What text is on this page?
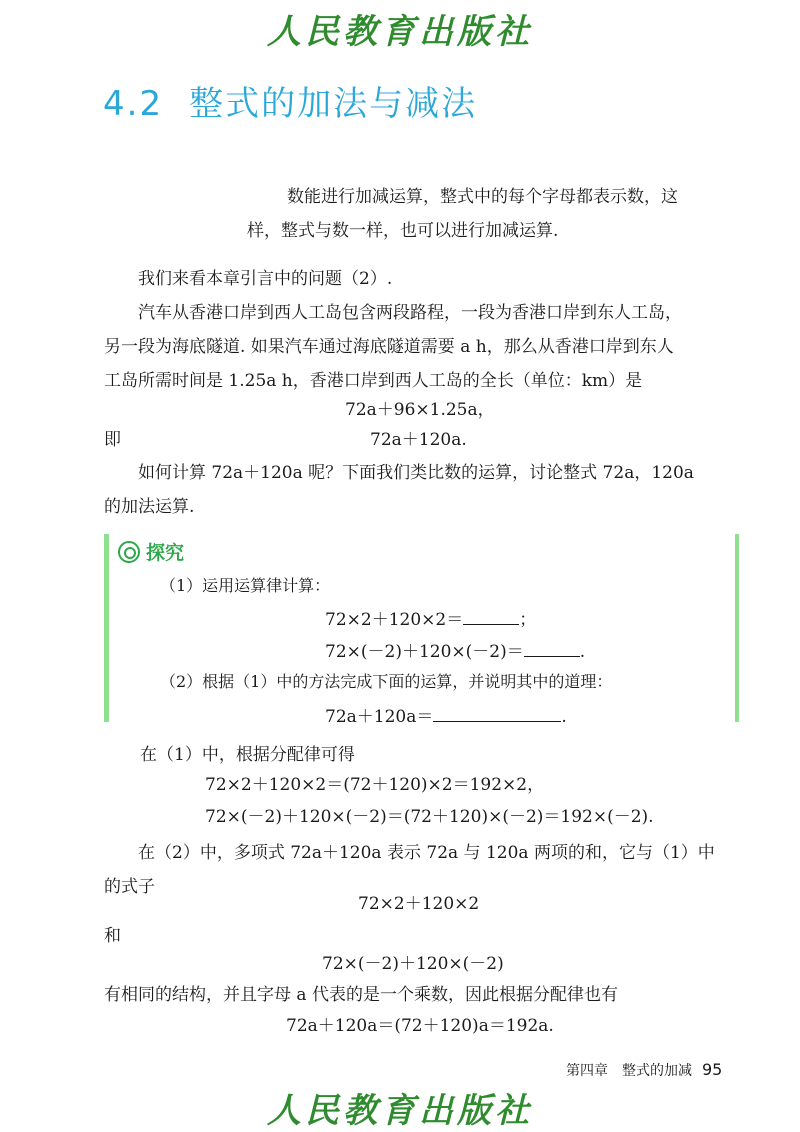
人民教育出版社
4.2 整式的加法与减法

数能进行加减运算，整式中的每个字母都表示数，这

样，整式与数一样，也可以进行加减运算.

我们来看本章引言中的问题（2）.

汽车从香港口岸到西人工岛包含两段路程，一段为香港口岸到东人工岛，

另一段为海底隧道. 如果汽车通过海底隧道需要 a h，那么从香港口岸到东人

工岛所需时间是 1.25a h，香港口岸到西人工岛的全长（单位：km）是

72a＋96×1.25a，
即	72a＋120a.

如何计算 72a＋120a 呢？下面我们类比数的运算，讨论整式 72a，120a

的加法运算.

探究
（1）运用运算律计算：
72×2＋120×2＝	；
72×(－2)＋120×(－2)＝	.
（2）根据（1）中的方法完成下面的运算，并说明其中的道理：
72a＋120a＝	.
在（1）中，根据分配律可得
72×2＋120×2＝(72＋120)×2＝192×2，
72×(－2)＋120×(－2)＝(72＋120)×(－2)＝192×(－2).

在（2）中，多项式 72a＋120a 表示 72a 与 120a 两项的和，它与（1）中

的式子

72×2＋120×2
和
72×(－2)＋120×(－2)
有相同的结构，并且字母 a 代表的是一个乘数，因此根据分配律也有
72a＋120a＝(72＋120)a＝192a.
第四章　整式的加减 95
人民教育出版社
